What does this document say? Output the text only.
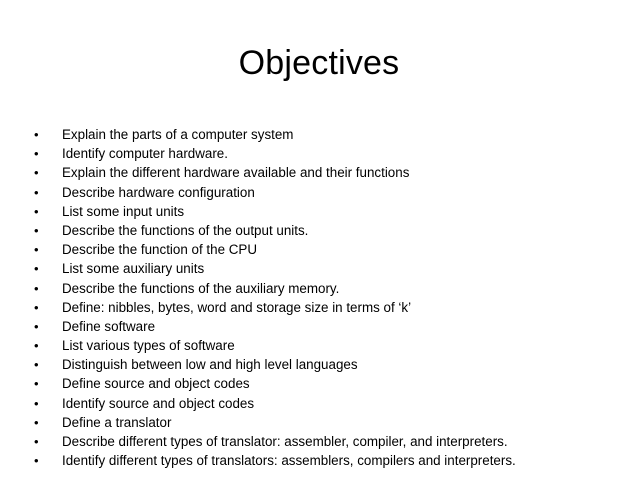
Objectives
•	Explain the parts of a computer system
•	Identify computer hardware.
•	Explain the different hardware available and their functions
•	Describe hardware configuration
•	List some input units
•	Describe the functions of the output units.
•	Describe the function of the CPU
•	List some auxiliary units
•	Describe the functions of the auxiliary memory.
•	Define: nibbles, bytes, word and storage size in terms of ‘k’
•	Define software
•	List various types of software
•	Distinguish between low and high level languages
•	Define source and object codes
•	Identify source and object codes
•	Define a translator
•	Describe different types of translator: assembler, compiler, and interpreters.
•	Identify different types of translators: assemblers, compilers and interpreters.
